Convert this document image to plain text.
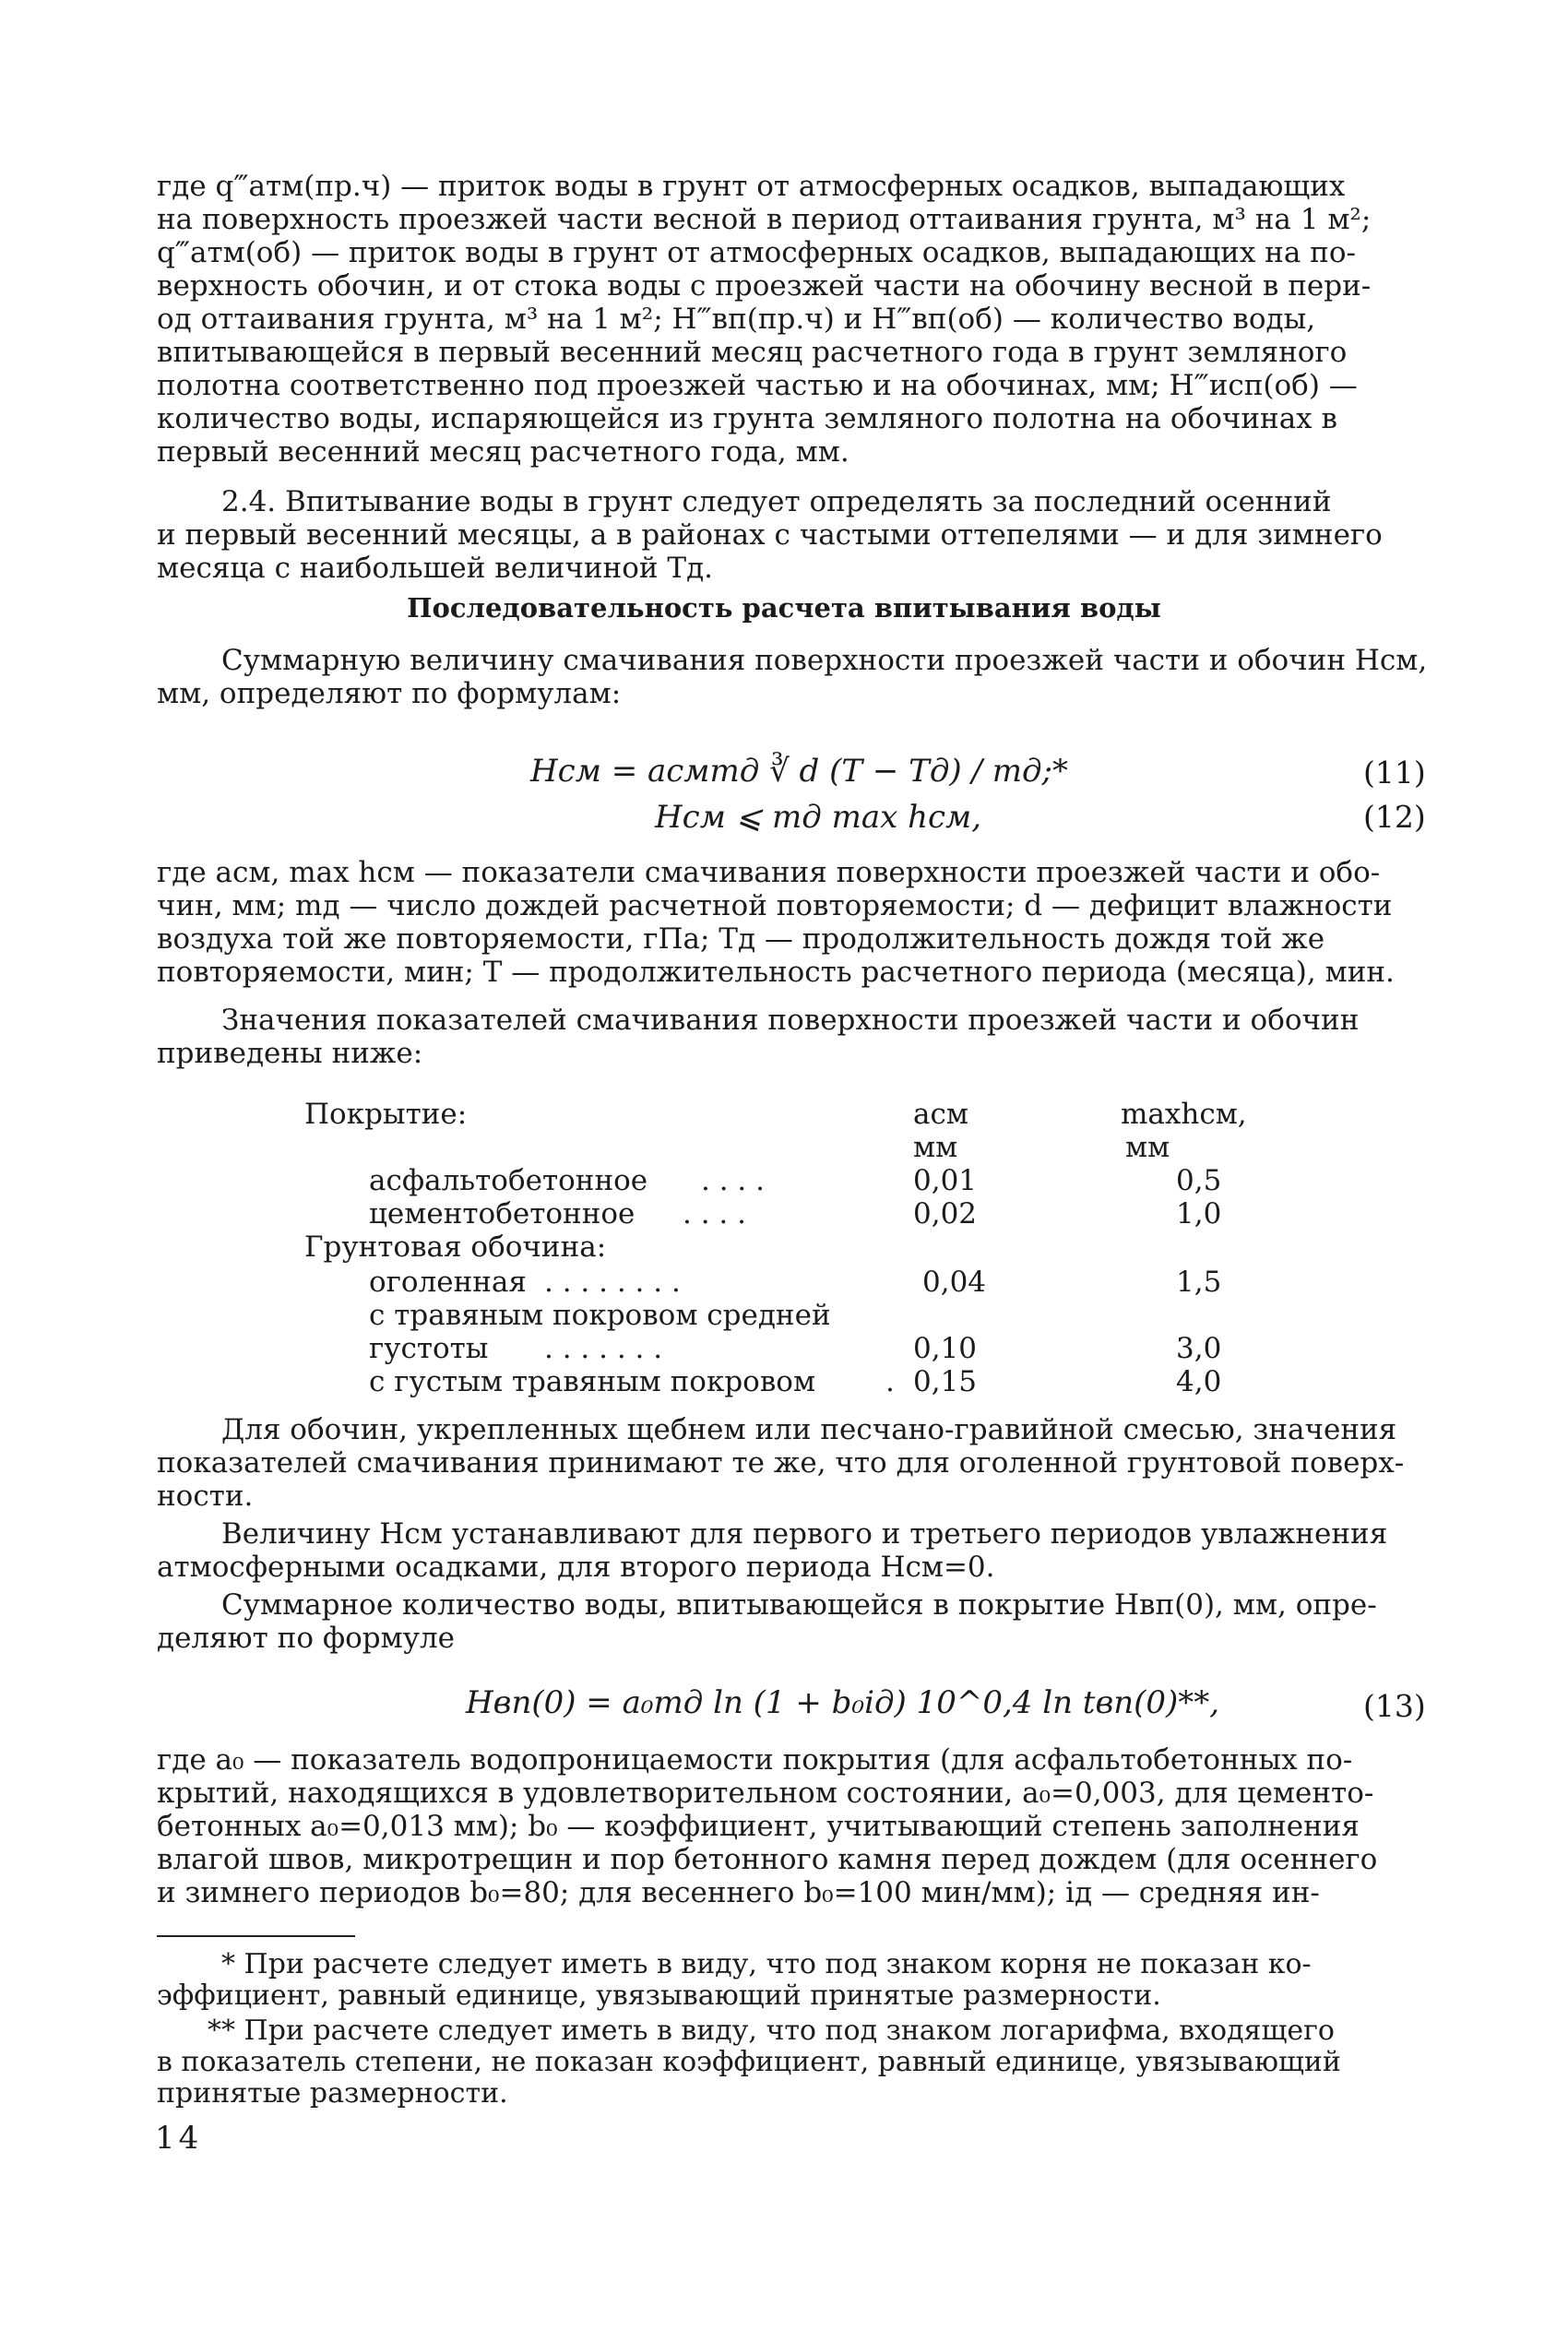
где q‴атм(пр.ч) — приток воды в грунт от атмосферных осадков, выпадающих
на поверхность проезжей части весной в период оттаивания грунта, м³ на 1 м²;
q‴атм(об) — приток воды в грунт от атмосферных осадков, выпадающих на по-
верхность обочин, и от стока воды с проезжей части на обочину весной в пери-
од оттаивания грунта, м³ на 1 м²; H‴вп(пр.ч) и H‴вп(об) — количество воды,
впитывающейся в первый весенний месяц расчетного года в грунт земляного
полотна соответственно под проезжей частью и на обочинах, мм; H‴исп(об) —
количество воды, испаряющейся из грунта земляного полотна на обочинах в
первый весенний месяц расчетного года, мм.
2.4. Впитывание воды в грунт следует определять за последний осенний
и первый весенний месяцы, а в районах с частыми оттепелями — и для зимнего
месяца с наибольшей величиной Тд.
Последовательность расчета впитывания воды
Суммарную величину смачивания поверхности проезжей части и обочин Нсм,
мм, определяют по формулам:
Hсм = aсмmд ∛ d (T − Tд) / mд;*	(11)
Hсм ⩽ mд max hсм,	(12)
где aсм, max hсм — показатели смачивания поверхности проезжей части и обо-
чин, мм; mд — число дождей расчетной повторяемости; d — дефицит влажности
воздуха той же повторяемости, гПа; Тд — продолжительность дождя той же
повторяемости, мин; T — продолжительность расчетного периода (месяца), мин.
Значения показателей смачивания поверхности проезжей части и обочин
приведены ниже:
Покрытие:	aсм	maxhсм,
мм	мм
асфальтобетонное . . . .	0,01	0,5
цементобетонное . . . .	0,02	1,0
Грунтовая обочина:
оголенная . . . . . . . .	0,04	1,5
с травяным покровом средней
густоты . . . . . . .	0,10	3,0
с густым травяным покровом . 0,15	4,0
Для обочин, укрепленных щебнем или песчано-гравийной смесью, значения
показателей смачивания принимают те же, что для оголенной грунтовой поверх-
ности.
Величину Hсм устанавливают для первого и третьего периодов увлажнения
атмосферными осадками, для второго периода Hсм=0.
Суммарное количество воды, впитывающейся в покрытие Hвп(0), мм, опре-
деляют по формуле
Hвп(0) = a₀mд ln (1 + b₀iд) 10^0,4 ln tвп(0)**,	(13)
где a₀ — показатель водопроницаемости покрытия (для асфальтобетонных по-
крытий, находящихся в удовлетворительном состоянии, a₀=0,003, для цементо-
бетонных a₀=0,013 мм); b₀ — коэффициент, учитывающий степень заполнения
влагой швов, микротрещин и пор бетонного камня перед дождем (для осеннего
и зимнего периодов b₀=80; для весеннего b₀=100 мин/мм); iд — средняя ин-
* При расчете следует иметь в виду, что под знаком корня не показан ко-
эффициент, равный единице, увязывающий принятые размерности.
** При расчете следует иметь в виду, что под знаком логарифма, входящего
в показатель степени, не показан коэффициент, равный единице, увязывающий
принятые размерности.
14
